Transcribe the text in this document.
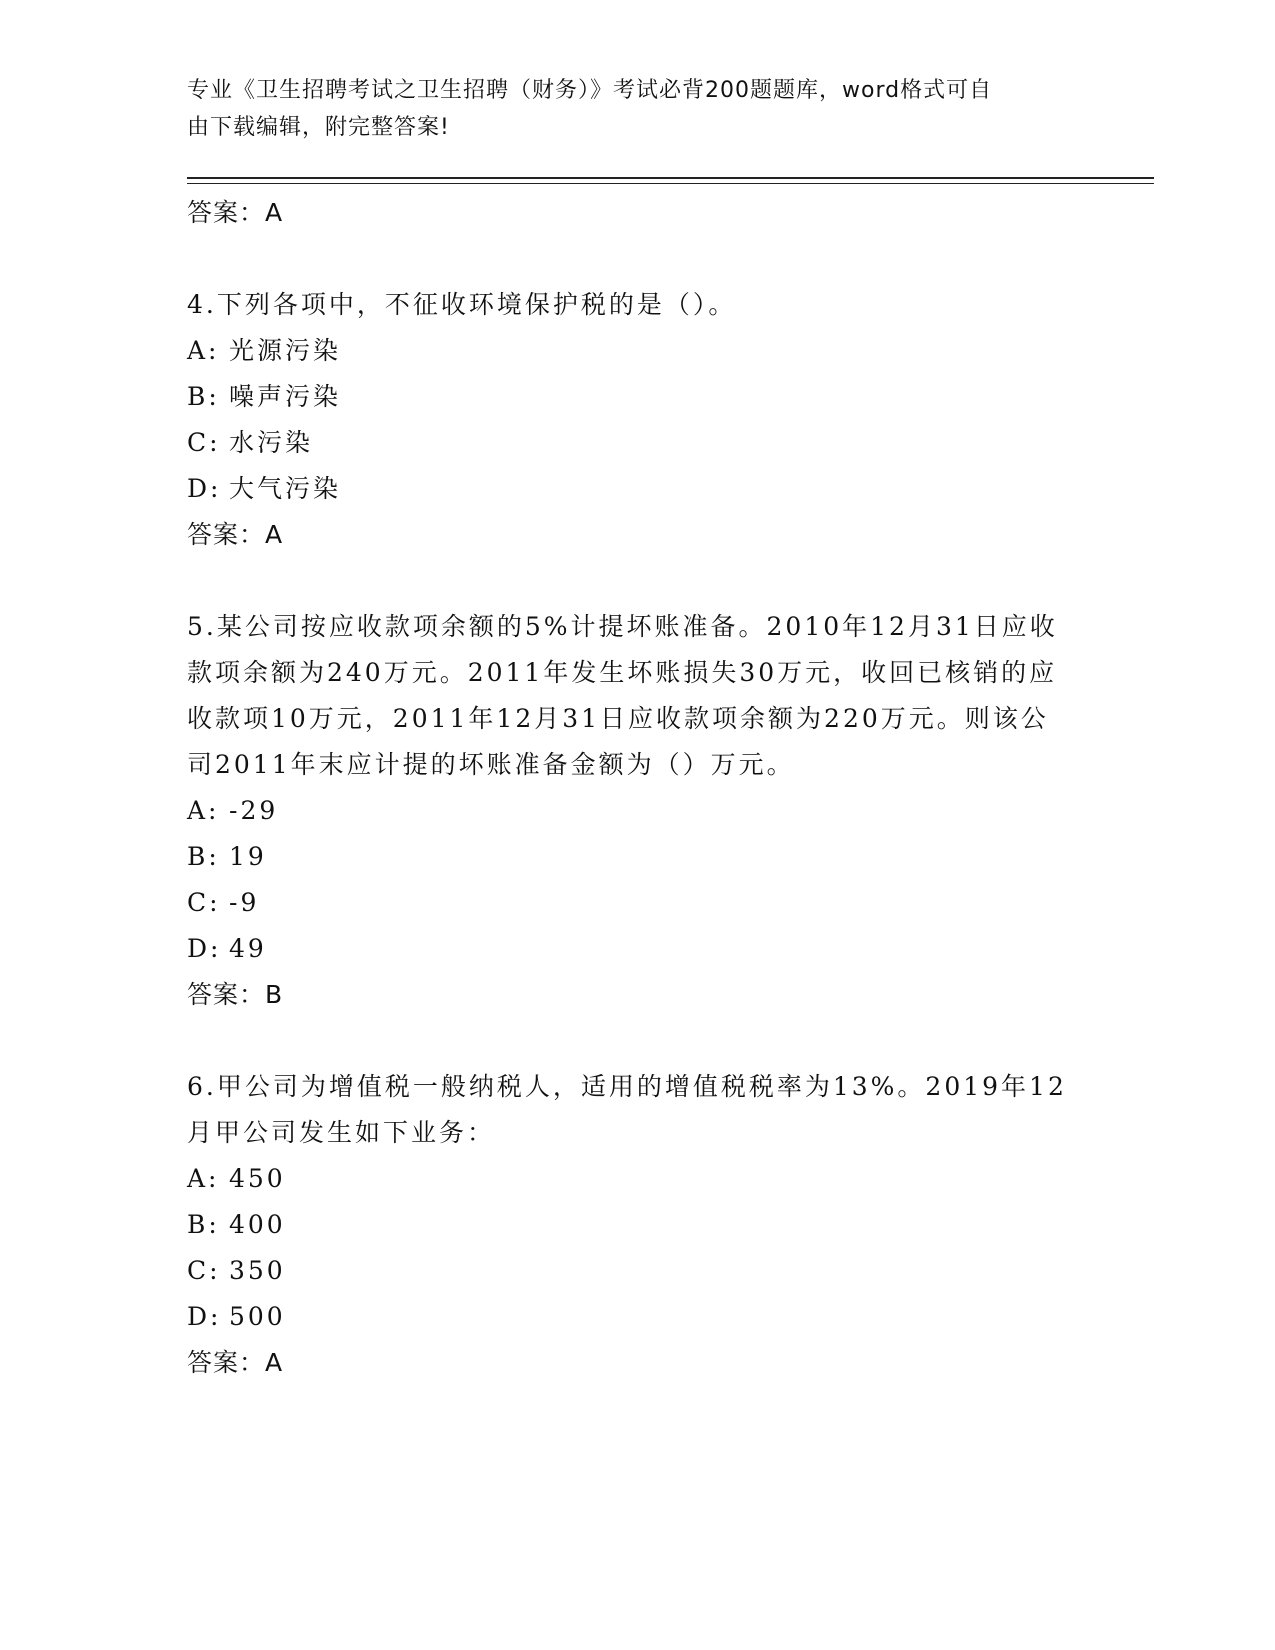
专业《卫生招聘考试之卫生招聘（财务）》考试必背200题题库，word格式可自
由下载编辑，附完整答案!
答案：A
4.下列各项中，不征收环境保护税的是（）。
A: 光源污染
B: 噪声污染
C: 水污染
D: 大气污染
答案：A
5.某公司按应收款项余额的5%计提坏账准备。2010年12月31日应收
款项余额为240万元。2011年发生坏账损失30万元，收回已核销的应
收款项10万元，2011年12月31日应收款项余额为220万元。则该公
司2011年末应计提的坏账准备金额为（）万元。
A: -29
B: 19
C: -9
D: 49
答案：B
6.甲公司为增值税一般纳税人，适用的增值税税率为13%。2019年12
月甲公司发生如下业务：
A: 450
B: 400
C: 350
D: 500
答案：A
